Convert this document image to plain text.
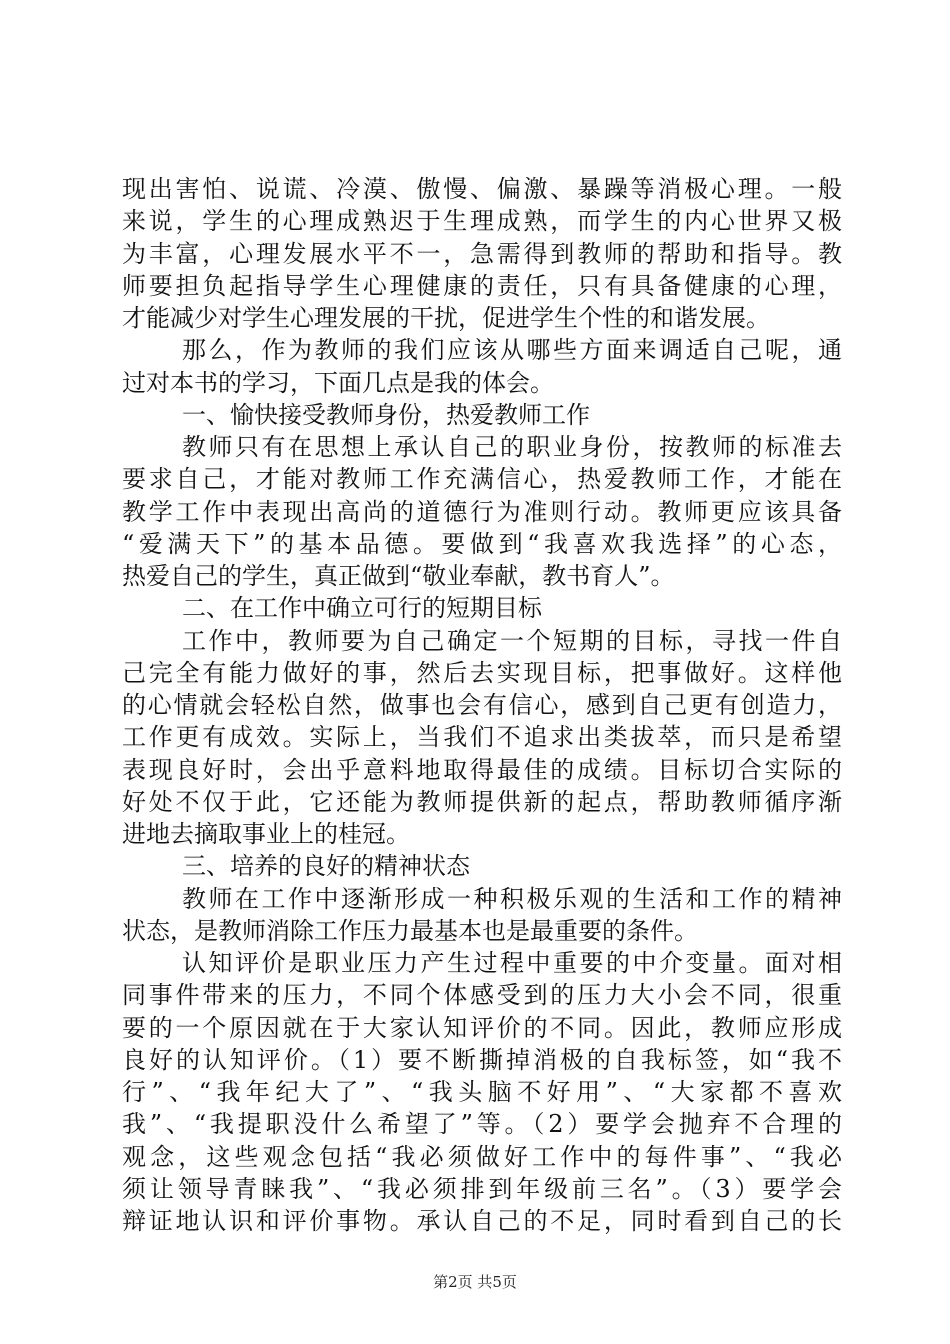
现出害怕、说谎、冷漠、傲慢、偏激、暴躁等消极心理。一般
来说，学生的心理成熟迟于生理成熟，而学生的内心世界又极
为丰富，心理发展水平不一，急需得到教师的帮助和指导。教
师要担负起指导学生心理健康的责任，只有具备健康的心理，
才能减少对学生心理发展的干扰，促进学生个性的和谐发展。
那么，作为教师的我们应该从哪些方面来调适自己呢，通
过对本书的学习，下面几点是我的体会。
一、愉快接受教师身份，热爱教师工作
教师只有在思想上承认自己的职业身份，按教师的标准去
要求自己，才能对教师工作充满信心，热爱教师工作，才能在
教学工作中表现出高尚的道德行为准则行动。教师更应该具备
“爱满天下”的基本品德。要做到“我喜欢我选择”的心态，
热爱自己的学生，真正做到“敬业奉献，教书育人”。
二、在工作中确立可行的短期目标
工作中，教师要为自己确定一个短期的目标，寻找一件自
己完全有能力做好的事，然后去实现目标，把事做好。这样他
的心情就会轻松自然，做事也会有信心，感到自己更有创造力，
工作更有成效。实际上，当我们不追求出类拔萃，而只是希望
表现良好时，会出乎意料地取得最佳的成绩。目标切合实际的
好处不仅于此，它还能为教师提供新的起点，帮助教师循序渐
进地去摘取事业上的桂冠。
三、培养的良好的精神状态
教师在工作中逐渐形成一种积极乐观的生活和工作的精神
状态，是教师消除工作压力最基本也是最重要的条件。
认知评价是职业压力产生过程中重要的中介变量。面对相
同事件带来的压力，不同个体感受到的压力大小会不同，很重
要的一个原因就在于大家认知评价的不同。因此，教师应形成
良好的认知评价。（1）要不断撕掉消极的自我标签，如“我不
行”、“我年纪大了”、“我头脑不好用”、“大家都不喜欢
我”、“我提职没什么希望了”等。（2）要学会抛弃不合理的
观念，这些观念包括“我必须做好工作中的每件事”、“我必
须让领导青睐我”、“我必须排到年级前三名”。（3）要学会
辩证地认识和评价事物。承认自己的不足，同时看到自己的长
第2页 共5页
